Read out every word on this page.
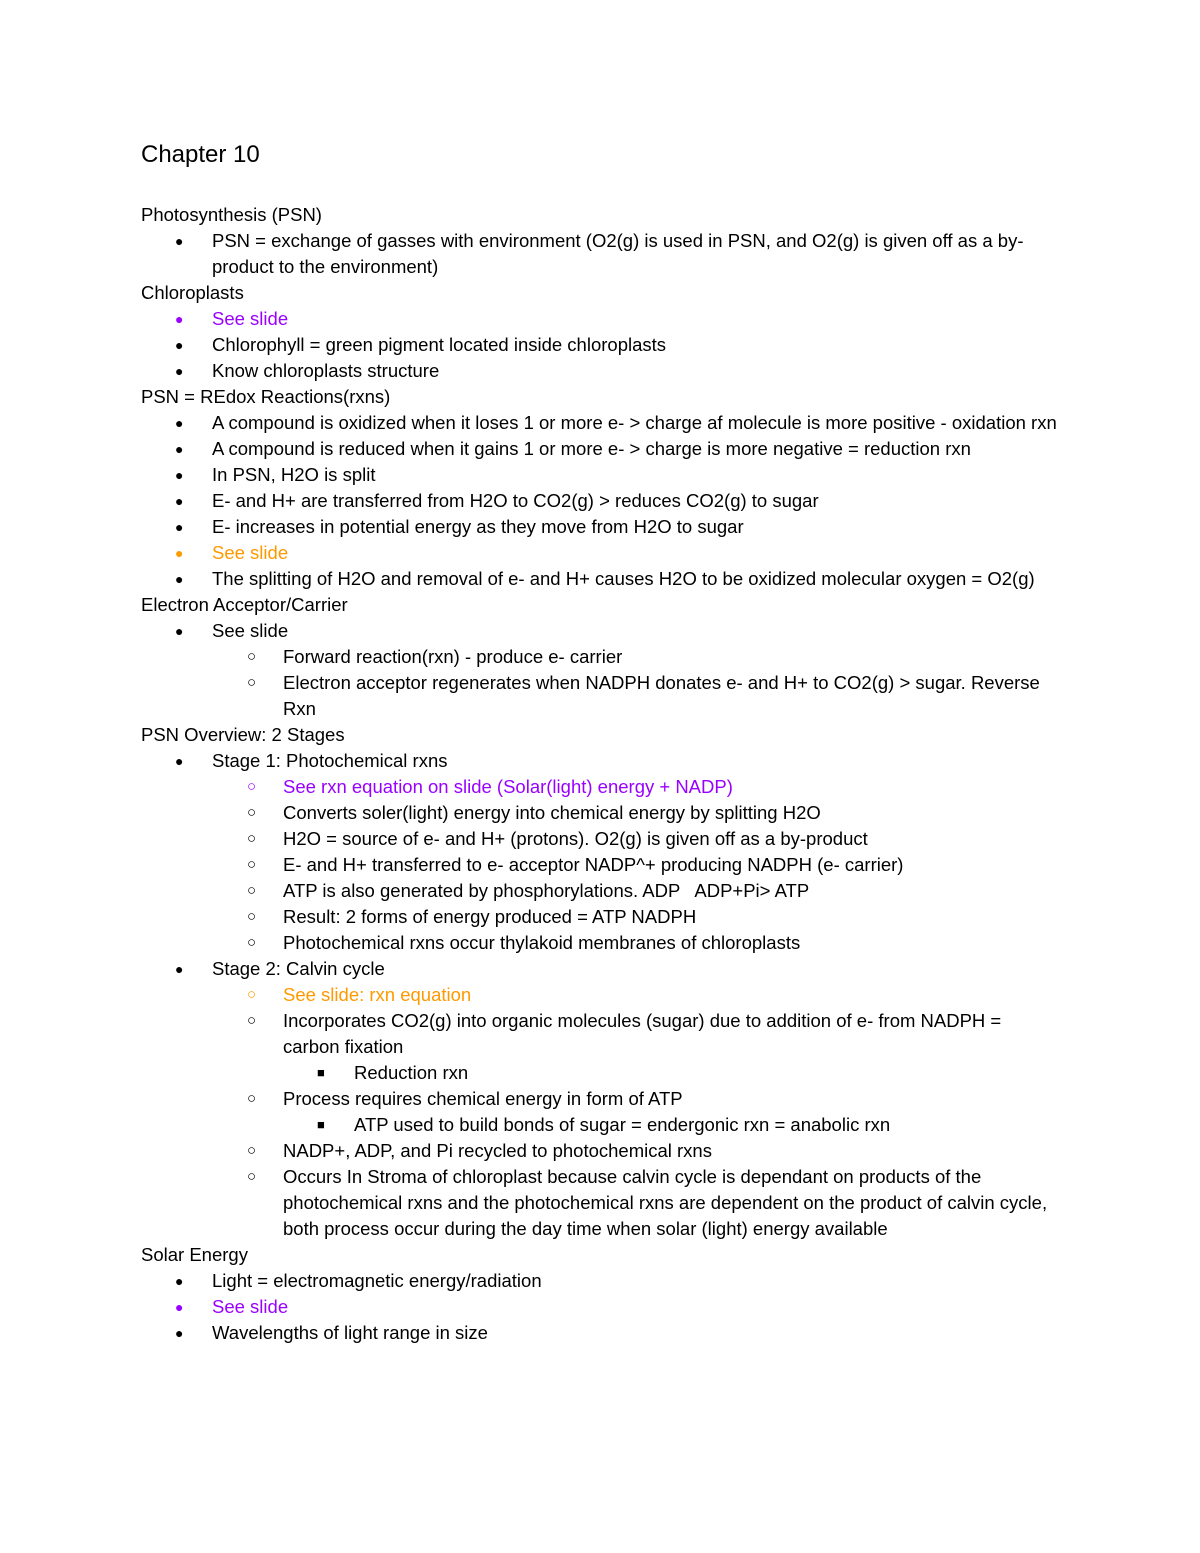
Chapter 10
Photosynthesis (PSN)
● PSN = exchange of gasses with environment (O2(g) is used in PSN, and O2(g) is given off as a by-product to the environment)
Chloroplasts
● See slide
● Chlorophyll = green pigment located inside chloroplasts
● Know chloroplasts structure
PSN = REdox Reactions(rxns)
● A compound is oxidized when it loses 1 or more e- > charge af molecule is more positive - oxidation rxn
● A compound is reduced when it gains 1 or more e- > charge is more negative = reduction rxn
● In PSN, H2O is split
● E- and H+ are transferred from H2O to CO2(g) > reduces CO2(g) to sugar
● E- increases in potential energy as they move from H2O to sugar
● See slide
● The splitting of H2O and removal of e- and H+ causes H2O to be oxidized molecular oxygen = O2(g)
Electron Acceptor/Carrier
● See slide
○ Forward reaction(rxn) - produce e- carrier
○ Electron acceptor regenerates when NADPH donates e- and H+ to CO2(g) > sugar. Reverse Rxn
PSN Overview: 2 Stages
● Stage 1: Photochemical rxns
○ See rxn equation on slide (Solar(light) energy + NADP)
○ Converts soler(light) energy into chemical energy by splitting H2O
○ H2O = source of e- and H+ (protons). O2(g) is given off as a by-product
○ E- and H+ transferred to e- acceptor NADP^+ producing NADPH (e- carrier)
○ ATP is also generated by phosphorylations. ADP   ADP+Pi> ATP
○ Result: 2 forms of energy produced = ATP NADPH
○ Photochemical rxns occur thylakoid membranes of chloroplasts
● Stage 2: Calvin cycle
○ See slide: rxn equation
○ Incorporates CO2(g) into organic molecules (sugar) due to addition of e- from NADPH = carbon fixation
■ Reduction rxn
○ Process requires chemical energy in form of ATP
■ ATP used to build bonds of sugar = endergonic rxn = anabolic rxn
○ NADP+, ADP, and Pi recycled to photochemical rxns
○ Occurs In Stroma of chloroplast because calvin cycle is dependant on products of the photochemical rxns and the photochemical rxns are dependent on the product of calvin cycle, both process occur during the day time when solar (light) energy available
Solar Energy
● Light = electromagnetic energy/radiation
● See slide
● Wavelengths of light range in size
